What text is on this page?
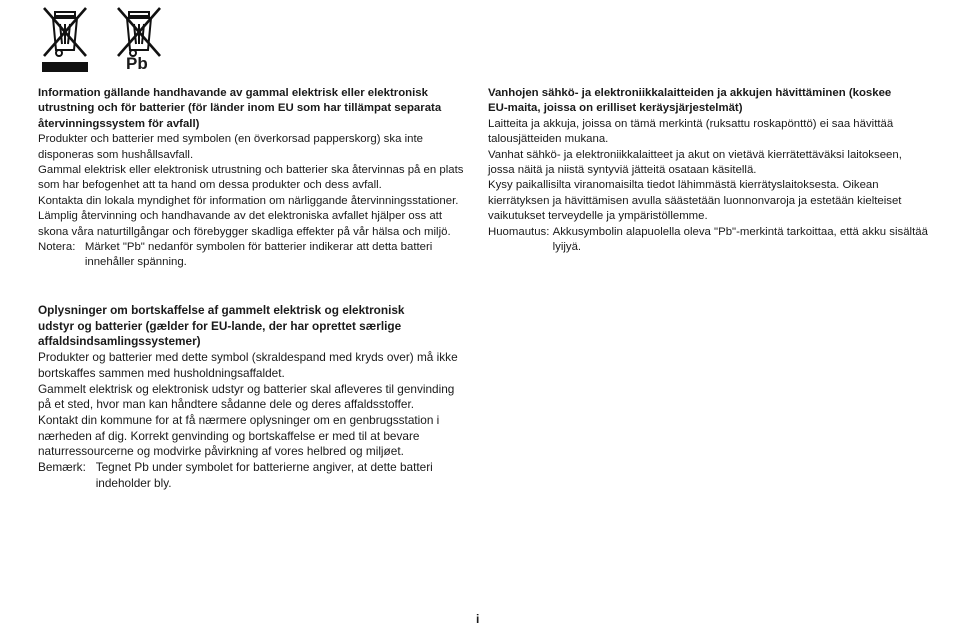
Pb

Information gällande handhavande av gammal elektrisk eller elektronisk
utrustning och för batterier (för länder inom EU som har tillämpat separata
återvinningssystem för avfall)

Produkter och batterier med symbolen (en överkorsad papperskorg) ska inte disponeras som hushållsavfall.

Gammal elektrisk eller elektronisk utrustning och batterier ska återvinnas på en plats som har befogenhet att ta hand om dessa produkter och dess avfall.

Kontakta din lokala myndighet för information om närliggande återvinningsstationer. Lämplig återvinning och handhavande av det elektroniska avfallet hjälper oss att skona våra naturtillgångar och förebygger skadliga effekter på vår hälsa och miljö.

Notera: Märket "Pb" nedanför symbolen för batterier indikerar att detta batteri innehåller spänning.

Vanhojen sähkö- ja elektroniikkalaitteiden ja akkujen hävittäminen (koskee
EU-maita, joissa on erilliset keräysjärjestelmät)

Laitteita ja akkuja, joissa on tämä merkintä (ruksattu roskapönttö) ei saa hävittää talousjätteiden mukana.

Vanhat sähkö- ja elektroniikkalaitteet ja akut on vietävä kierrätettäväksi laitokseen, jossa näitä ja niistä syntyviä jätteitä osataan käsitellä.

Kysy paikallisilta viranomaisilta tiedot lähimmästä kierrätyslaitoksesta. Oikean kierrätyksen ja hävittämisen avulla säästetään luonnonvaroja ja estetään kielteiset vaikutukset terveydelle ja ympäristöllemme.

Huomautus: Akkusymbolin alapuolella oleva "Pb"-merkintä tarkoittaa, että akku sisältää lyijyä.

Oplysninger om bortskaffelse af gammelt elektrisk og elektronisk
udstyr og batterier (gælder for EU-lande, der har oprettet særlige
affaldsindsamlingssystemer)

Produkter og batterier med dette symbol (skraldespand med kryds over) må ikke bortskaffes sammen med husholdningsaffaldet.

Gammelt elektrisk og elektronisk udstyr og batterier skal afleveres til genvinding på et sted, hvor man kan håndtere sådanne dele og deres affaldsstoffer.

Kontakt din kommune for at få nærmere oplysninger om en genbrugsstation i nærheden af dig. Korrekt genvinding og bortskaffelse er med til at bevare naturressourcerne og modvirke påvirkning af vores helbred og miljøet.

Bemærk: Tegnet Pb under symbolet for batterierne angiver, at dette batteri indeholder bly.

i
